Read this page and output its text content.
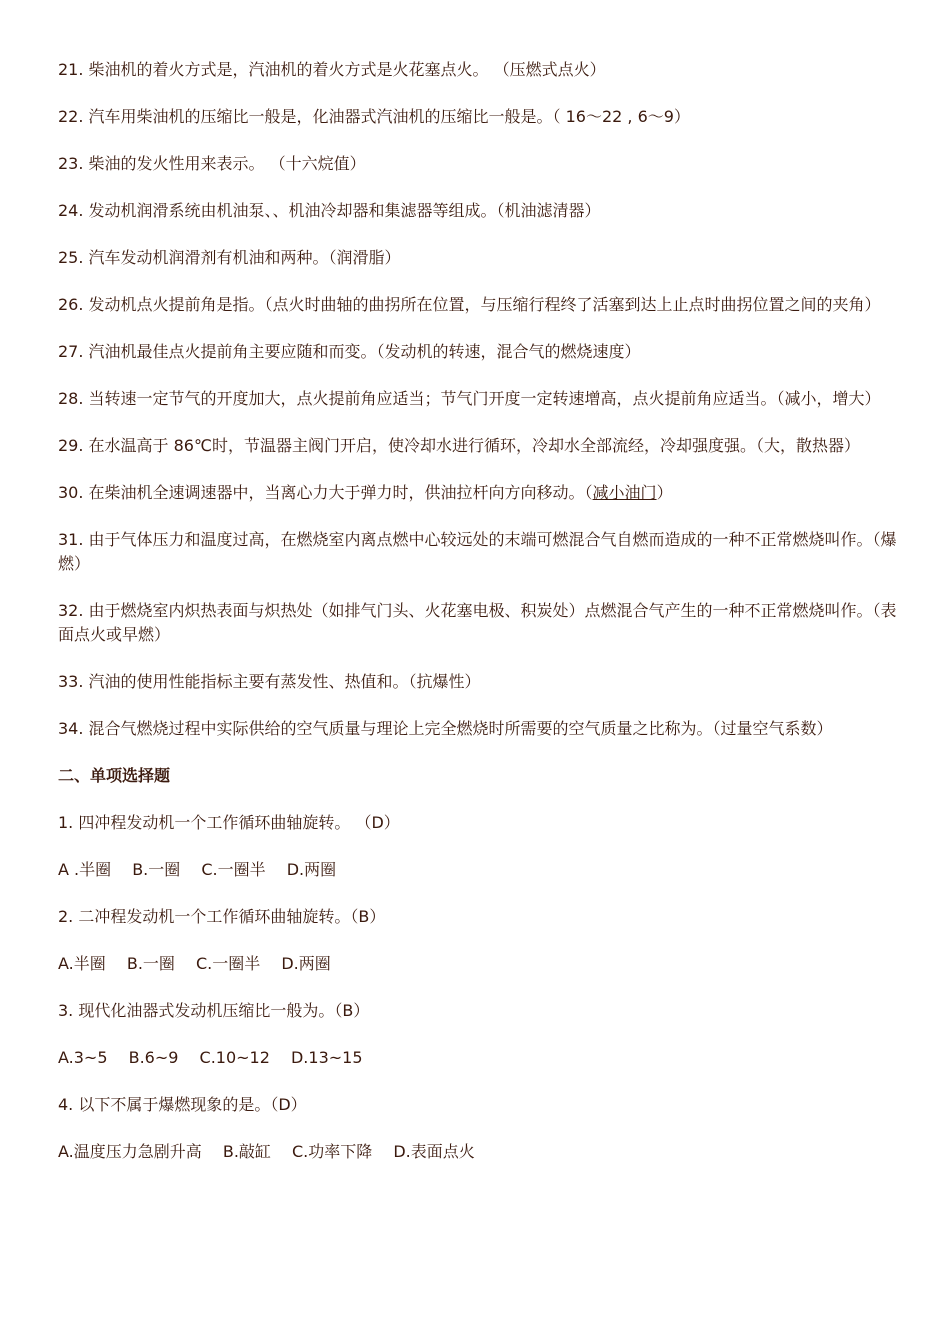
21. 柴油机的着火方式是，汽油机的着火方式是火花塞点火。 （压燃式点火）

22. 汽车用柴油机的压缩比一般是，化油器式汽油机的压缩比一般是。（ 16～22 , 6～9）

23. 柴油的发火性用来表示。 （十六烷值）

24. 发动机润滑系统由机油泵、、机油冷却器和集滤器等组成。（机油滤清器）

25. 汽车发动机润滑剂有机油和两种。（润滑脂）

26. 发动机点火提前角是指。（点火时曲轴的曲拐所在位置，与压缩行程终了活塞到达上止点时曲拐位置之间的夹角）

27. 汽油机最佳点火提前角主要应随和而变。（发动机的转速，混合气的燃烧速度）

28. 当转速一定节气的开度加大，点火提前角应适当；节气门开度一定转速增高，点火提前角应适当。（减小，增大）

29. 在水温高于 86℃时，节温器主阀门开启，使冷却水进行循环，冷却水全部流经，冷却强度强。（大，散热器）

30. 在柴油机全速调速器中，当离心力大于弹力时，供油拉杆向方向移动。（减小油门）

31. 由于气体压力和温度过高，在燃烧室内离点燃中心较远处的末端可燃混合气自燃而造成的一种不正常燃烧叫作。（爆燃）

32. 由于燃烧室内炽热表面与炽热处（如排气门头、火花塞电极、积炭处）点燃混合气产生的一种不正常燃烧叫作。（表面点火或早燃）

33. 汽油的使用性能指标主要有蒸发性、热值和。（抗爆性）

34. 混合气燃烧过程中实际供给的空气质量与理论上完全燃烧时所需要的空气质量之比称为。（过量空气系数）

二、单项选择题

1. 四冲程发动机一个工作循环曲轴旋转。 （D）

A .半圈 　B.一圈 　C.一圈半 　D.两圈

2. 二冲程发动机一个工作循环曲轴旋转。（B）

A.半圈 　B.一圈 　C.一圈半 　D.两圈

3. 现代化油器式发动机压缩比一般为。（B）

A.3~5 　B.6~9 　C.10~12 　D.13~15

4. 以下不属于爆燃现象的是。（D）

A.温度压力急剧升高 　B.敲缸 　C.功率下降 　D.表面点火
